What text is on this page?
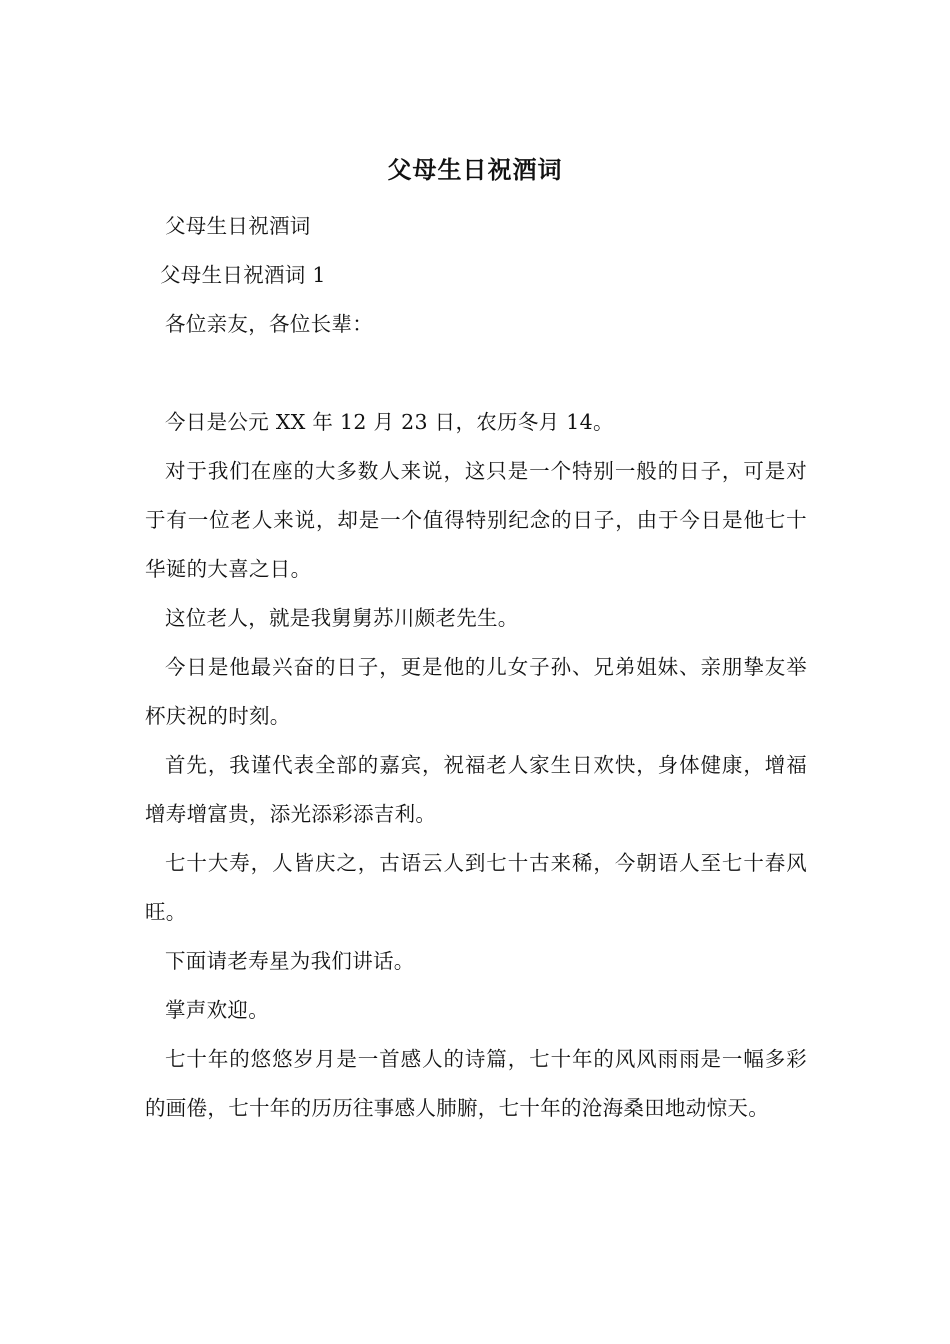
父母生日祝酒词

父母生日祝酒词

父母生日祝酒词 1

各位亲友，各位长辈：

今日是公元 XX 年 12 月 23 日，农历冬月 14。

对于我们在座的大多数人来说，这只是一个特别一般的日子，可是对于有一位老人来说，却是一个值得特别纪念的日子，由于今日是他七十华诞的大喜之日。

这位老人，就是我舅舅苏川颇老先生。

今日是他最兴奋的日子，更是他的儿女子孙、兄弟姐妹、亲朋挚友举杯庆祝的时刻。

首先，我谨代表全部的嘉宾，祝福老人家生日欢快，身体健康，增福增寿增富贵，添光添彩添吉利。

七十大寿，人皆庆之，古语云人到七十古来稀，今朝语人至七十春风旺。

下面请老寿星为我们讲话。

掌声欢迎。

七十年的悠悠岁月是一首感人的诗篇，七十年的风风雨雨是一幅多彩的画倦，七十年的历历往事感人肺腑，七十年的沧海桑田地动惊天。
